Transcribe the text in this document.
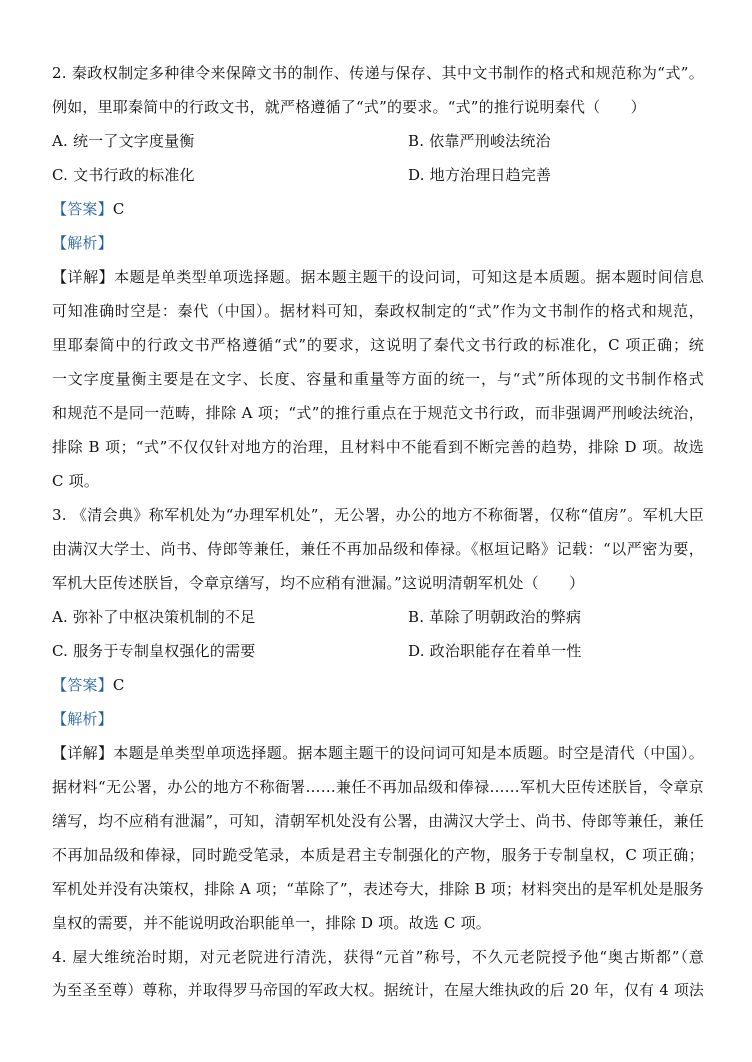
2. 秦政权制定多种律令来保障文书的制作、传递与保存、其中文书制作的格式和规范称为“式”。
例如，里耶秦简中的行政文书，就严格遵循了“式”的要求。“式”的推行说明秦代（　　）
A. 统一了文字度量衡	B. 依靠严刑峻法统治
C. 文书行政的标准化	D. 地方治理日趋完善
【答案】C
【解析】
【详解】本题是单类型单项选择题。据本题主题干的设问词，可知这是本质题。据本题时间信息
可知准确时空是：秦代（中国）。据材料可知，秦政权制定的“式”作为文书制作的格式和规范，
里耶秦简中的行政文书严格遵循“式”的要求，这说明了秦代文书行政的标准化，C 项正确；统
一文字度量衡主要是在文字、长度、容量和重量等方面的统一，与“式”所体现的文书制作格式
和规范不是同一范畴，排除 A 项；“式”的推行重点在于规范文书行政，而非强调严刑峻法统治，
排除 B 项；“式”不仅仅针对地方的治理，且材料中不能看到不断完善的趋势，排除 D 项。故选
C 项。
3. 《清会典》称军机处为“办理军机处”，无公署，办公的地方不称衙署，仅称“值房”。军机大臣
由满汉大学士、尚书、侍郎等兼任，兼任不再加品级和俸禄。《枢垣记略》记载：“以严密为要，
军机大臣传述朕旨，令章京缮写，均不应稍有泄漏。”这说明清朝军机处（　　）
A. 弥补了中枢决策机制的不足	B. 革除了明朝政治的弊病
C. 服务于专制皇权强化的需要	D. 政治职能存在着单一性
【答案】C
【解析】
【详解】本题是单类型单项选择题。据本题主题干的设问词可知是本质题。时空是清代（中国）。
据材料“无公署，办公的地方不称衙署……兼任不再加品级和俸禄……军机大臣传述朕旨，令章京
缮写，均不应稍有泄漏”，可知，清朝军机处没有公署，由满汉大学士、尚书、侍郎等兼任，兼任
不再加品级和俸禄，同时跪受笔录，本质是君主专制强化的产物，服务于专制皇权，C 项正确；
军机处并没有决策权，排除 A 项；“革除了”，表述夸大，排除 B 项；材料突出的是军机处是服务
皇权的需要，并不能说明政治职能单一，排除 D 项。故选 C 项。
4. 屋大维统治时期，对元老院进行清洗，获得“元首”称号，不久元老院授予他“奥古斯都”（意
为至圣至尊）尊称，并取得罗马帝国的军政大权。据统计，在屋大维执政的后 20 年，仅有 4 项法
